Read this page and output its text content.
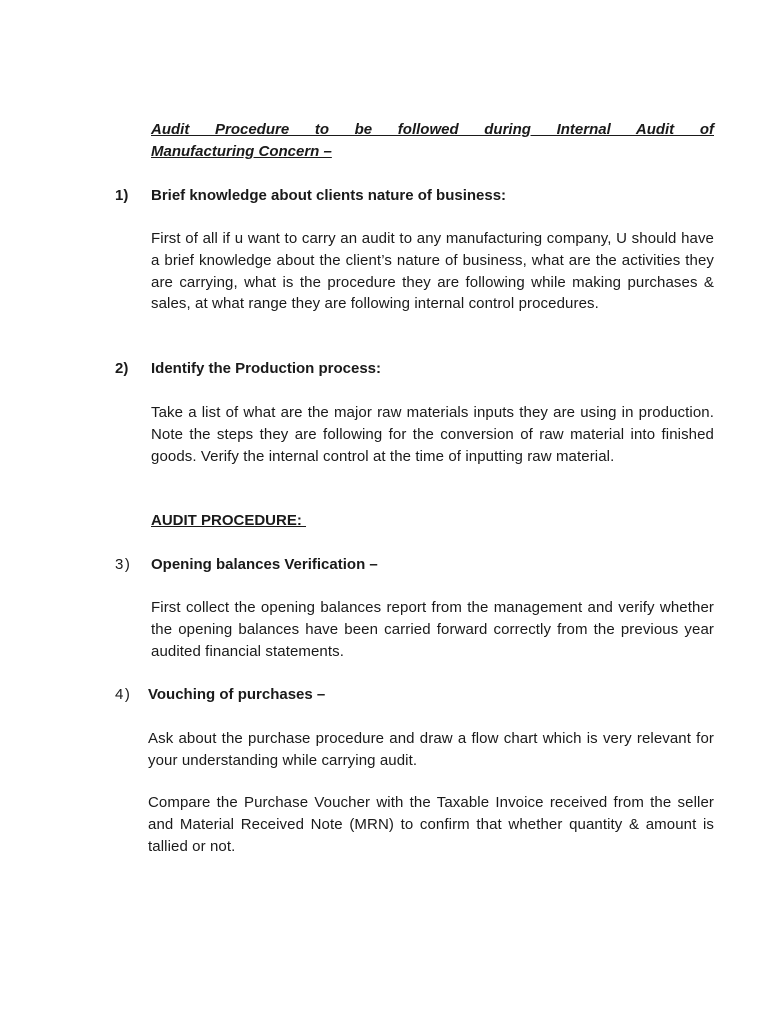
Audit Procedure to be followed during Internal Audit of
Manufacturing Concern –

1) Brief knowledge about clients nature of business:

First of all if u want to carry an audit to any manufacturing company, U should have a brief knowledge about the client’s nature of business, what are the activities they are carrying, what is the procedure they are following while making purchases & sales, at what range they are following internal control procedures.

2) Identify the Production process:

Take a list of what are the major raw materials inputs they are using in production. Note the steps they are following for the conversion of raw material into finished goods. Verify the internal control at the time of inputting raw material.

AUDIT PROCEDURE:
3) Opening balances Verification –

First collect the opening balances report from the management and verify whether the opening balances have been carried forward correctly from the previous year audited financial statements.

4) Vouching of purchases –

Ask about the purchase procedure and draw a flow chart which is very relevant for your understanding while carrying audit.

Compare the Purchase Voucher with the Taxable Invoice received from the seller and Material Received Note (MRN) to confirm that whether quantity & amount is tallied or not.
